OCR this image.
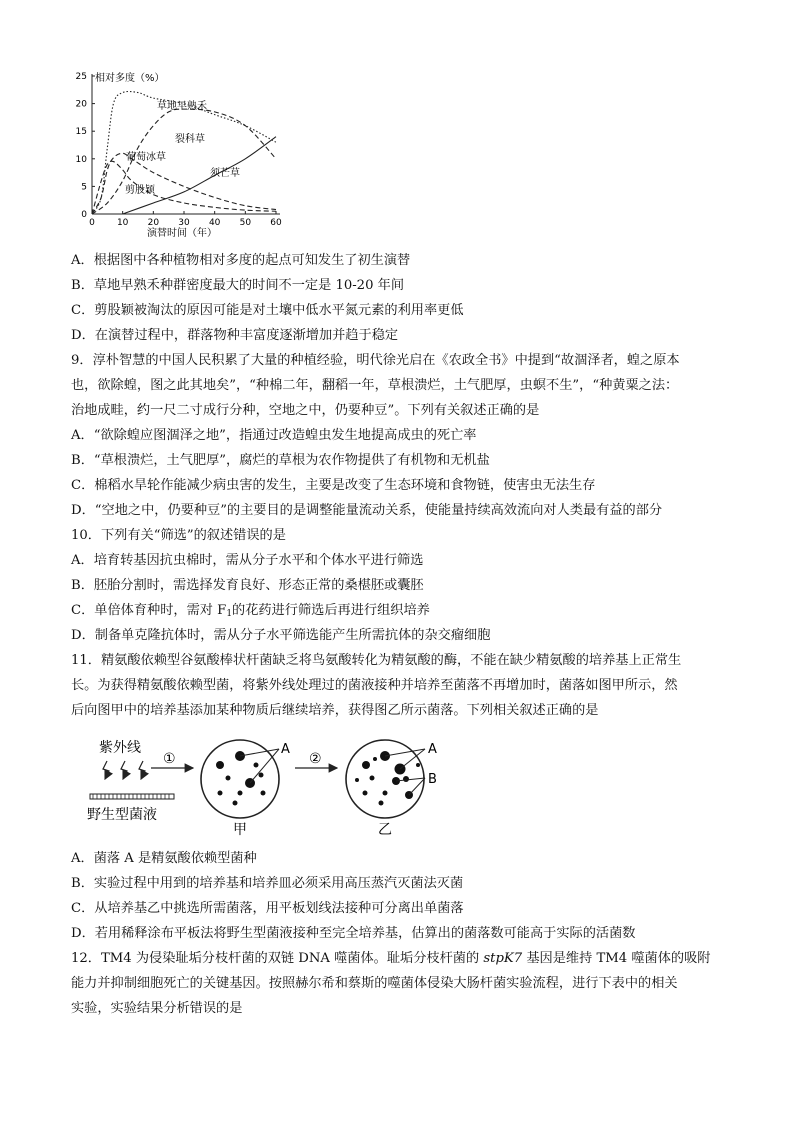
0 10 20 30 40 50 60
0
5
10
15
20
25 相对多度（%）
演替时间（年）
草地早熟禾
裂科草
葡萄冰草
须芒草
剪股颖
A．根据图中各种植物相对多度的起点可知发生了初生演替
B．草地早熟禾种群密度最大的时间不一定是 10-20 年间
C．剪股颖被淘汰的原因可能是对土壤中低水平氮元素的利用率更低
D．在演替过程中，群落物种丰富度逐渐增加并趋于稳定
9．淳朴智慧的中国人民积累了大量的种植经验，明代徐光启在《农政全书》中提到“故涸泽者，蝗之原本
也，欲除蝗，图之此其地矣”，“种棉二年，翻稻一年，草根溃烂，土气肥厚，虫螟不生”，“种黄粟之法：
治地成畦，约一尺二寸成行分种，空地之中，仍要种豆”。下列有关叙述正确的是
A．“欲除蝗应图涸泽之地”，指通过改造蝗虫发生地提高成虫的死亡率
B．“草根溃烂，土气肥厚”，腐烂的草根为农作物提供了有机物和无机盐
C．棉稻水旱轮作能减少病虫害的发生，主要是改变了生态环境和食物链，使害虫无法生存
D．“空地之中，仍要种豆”的主要目的是调整能量流动关系，使能量持续高效流向对人类最有益的部分
10．下列有关“筛选”的叙述错误的是
A．培育转基因抗虫棉时，需从分子水平和个体水平进行筛选
B．胚胎分割时，需选择发育良好、形态正常的桑椹胚或囊胚
C．单倍体育种时，需对 $F_1$的花药进行筛选后再进行组织培养
D．制备单克隆抗体时，需从分子水平筛选能产生所需抗体的杂交瘤细胞
11．精氨酸依赖型谷氨酸棒状杆菌缺乏将鸟氨酸转化为精氨酸的酶，不能在缺少精氨酸的培养基上正常生
长。为获得精氨酸依赖型菌，将紫外线处理过的菌液接种并培养至菌落不再增加时，菌落如图甲所示，然
后向图甲中的培养基添加某种物质后继续培养，获得图乙所示菌落。下列相关叙述正确的是
紫外线
野生型菌液
①
A
甲
②
A
B
乙
A．菌落 A 是精氨酸依赖型菌种
B．实验过程中用到的培养基和培养皿必须采用高压蒸汽灭菌法灭菌
C．从培养基乙中挑选所需菌落，用平板划线法接种可分离出单菌落
D．若用稀释涂布平板法将野生型菌液接种至完全培养基，估算出的菌落数可能高于实际的活菌数
12．TM4 为侵染耻垢分枝杆菌的双链 DNA 噬菌体。耻垢分枝杆菌的 stpK7 基因是维持 TM4 噬菌体的吸附
能力并抑制细胞死亡的关键基因。按照赫尔希和蔡斯的噬菌体侵染大肠杆菌实验流程，进行下表中的相关
实验，实验结果分析错误的是
